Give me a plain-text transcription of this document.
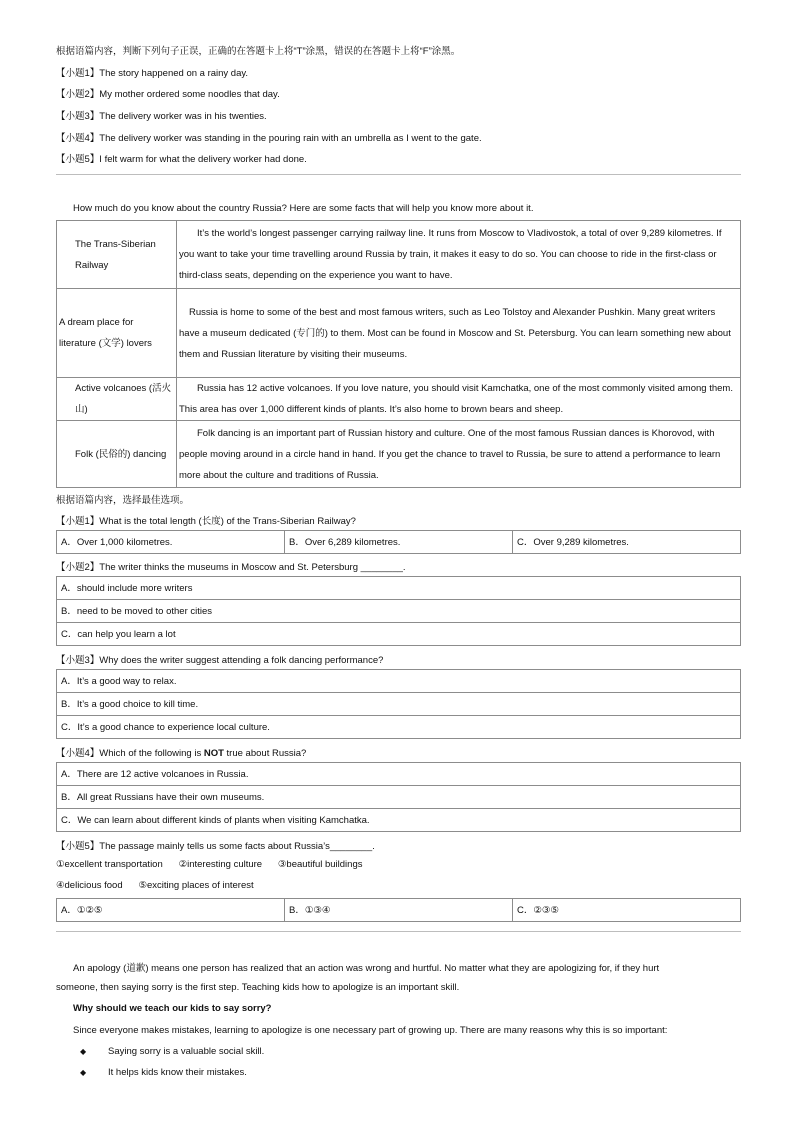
根据语篇内容，判断下列句子正误，正确的在答题卡上将“T”涂黑，错误的在答题卡上将“F”涂黑。
【小题1】The story happened on a rainy day.
【小题2】My mother ordered some noodles that day.
【小题3】The delivery worker was in his twenties.
【小题4】The delivery worker was standing in the pouring rain with an umbrella as I went to the gate.
【小题5】I felt warm for what the delivery worker had done.
How much do you know about the country Russia? Here are some facts that will help you know more about it.
The Trans-Siberian Railway	It’s the world’s longest passenger carrying railway line. It runs from Moscow to Vladivostok, a total of over 9,289 kilometres. If you want to take your time travelling around Russia by train, it makes it easy to do so. You can choose to ride in the first-class or third-class seats, depending on the experience you want to have.
A dream place for literature (文学) lovers	Russia is home to some of the best and most famous writers, such as Leo Tolstoy and Alexander Pushkin. Many great writers have a museum dedicated (专门的) to them. Most can be found in Moscow and St. Petersburg. You can learn something new about them and Russian literature by visiting their museums.
Active volcanoes (活火山)	Russia has 12 active volcanoes. If you love nature, you should visit Kamchatka, one of the most commonly visited among them. This area has over 1,000 different kinds of plants. It’s also home to brown bears and sheep.
Folk (民俗的) dancing	Folk dancing is an important part of Russian history and culture. One of the most famous Russian dances is Khorovod, with people moving around in a circle hand in hand. If you get the chance to travel to Russia, be sure to attend a performance to learn more about the culture and traditions of Russia.
根据语篇内容，选择最佳选项。
【小题1】What is the total length (长度) of the Trans-Siberian Railway?
A．Over 1,000 kilometres.	B．Over 6,289 kilometres.	C．Over 9,289 kilometres.
【小题2】The writer thinks the museums in Moscow and St. Petersburg ________.
A．should include more writers
B．need to be moved to other cities
C．can help you learn a lot
【小题3】Why does the writer suggest attending a folk dancing performance?
A．It’s a good way to relax.
B．It’s a good choice to kill time.
C．It’s a good chance to experience local culture.
【小题4】Which of the following is NOT true about Russia?
A．There are 12 active volcanoes in Russia.
B．All great Russians have their own museums.
C．We can learn about different kinds of plants when visiting Kamchatka.
【小题5】The passage mainly tells us some facts about Russia’s________.
①excellent transportation      ②interesting culture      ③beautiful buildings
④delicious food      ⑤exciting places of interest
A．①②⑤	B．①③④	C．②③⑤
An apology (道歉) means one person has realized that an action was wrong and hurtful. No matter what they are apologizing for, if they hurt
someone, then saying sorry is the first step. Teaching kids how to apologize is an important skill.
Why should we teach our kids to say sorry?
Since everyone makes mistakes, learning to apologize is one necessary part of growing up. There are many reasons why this is so important:
◆ Saying sorry is a valuable social skill.
◆ It helps kids know their mistakes.
